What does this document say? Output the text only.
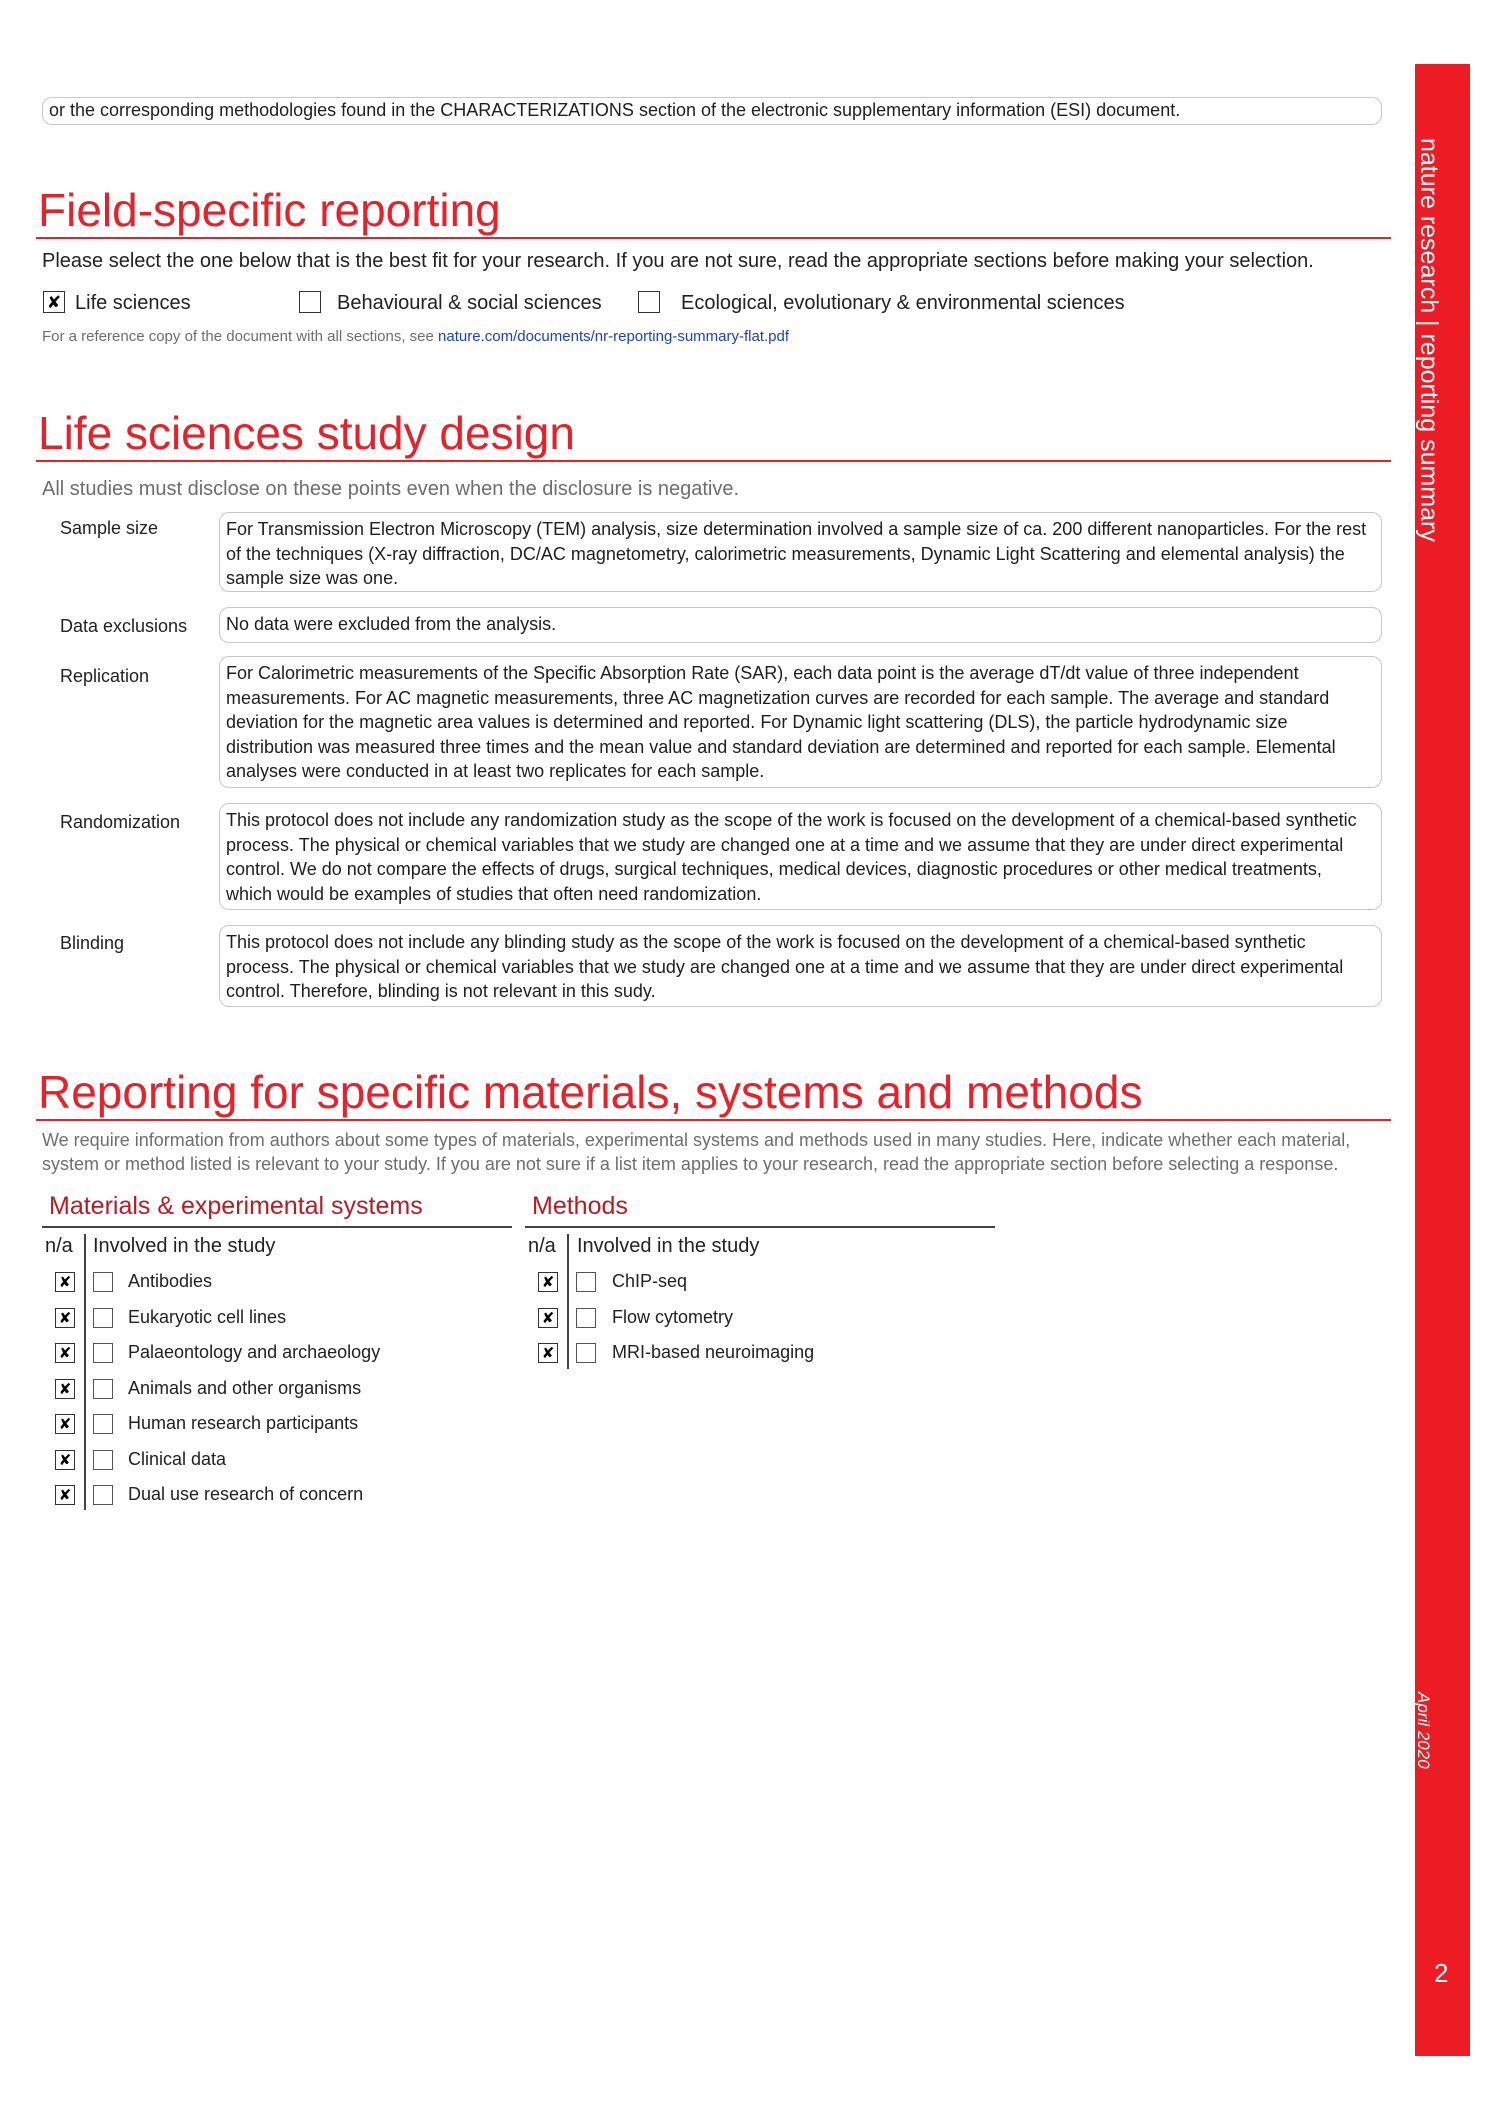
or the corresponding methodologies found in the CHARACTERIZATIONS section of the electronic supplementary information (ESI) document.
Field-specific reporting
Please select the one below that is the best fit for your research. If you are not sure, read the appropriate sections before making your selection.
✘ Life sciences	Behavioural & social sciences	Ecological, evolutionary & environmental sciences
For a reference copy of the document with all sections, see nature.com/documents/nr-reporting-summary-flat.pdf
Life sciences study design
All studies must disclose on these points even when the disclosure is negative.
Sample size	For Transmission Electron Microscopy (TEM) analysis, size determination involved a sample size of ca. 200 different nanoparticles. For the rest
of the techniques (X-ray diffraction, DC/AC magnetometry, calorimetric measurements, Dynamic Light Scattering and elemental analysis) the
sample size was one.
Data exclusions No data were excluded from the analysis.
Replication	For Calorimetric measurements of the Specific Absorption Rate (SAR), each data point is the average dT/dt value of three independent
measurements. For AC magnetic measurements, three AC magnetization curves are recorded for each sample. The average and standard
deviation for the magnetic area values is determined and reported. For Dynamic light scattering (DLS), the particle hydrodynamic size
distribution was measured three times and the mean value and standard deviation are determined and reported for each sample. Elemental
analyses were conducted in at least two replicates for each sample.
Randomization	This protocol does not include any randomization study as the scope of the work is focused on the development of a chemical-based synthetic
process. The physical or chemical variables that we study are changed one at a time and we assume that they are under direct experimental
control. We do not compare the effects of drugs, surgical techniques, medical devices, diagnostic procedures or other medical treatments,
which would be examples of studies that often need randomization.
Blinding	This protocol does not include any blinding study as the scope of the work is focused on the development of a chemical-based synthetic
process. The physical or chemical variables that we study are changed one at a time and we assume that they are under direct experimental
control. Therefore, blinding is not relevant in this sudy.
Reporting for specific materials, systems and methods
We require information from authors about some types of materials, experimental systems and methods used in many studies. Here, indicate whether each material,
system or method listed is relevant to your study. If you are not sure if a list item applies to your research, read the appropriate section before selecting a response.
Materials & experimental systems
n/a Involved in the study
✘	Antibodies
✘	Eukaryotic cell lines
✘	Palaeontology and archaeology
✘	Animals and other organisms
✘	Human research participants
✘	Clinical data
✘	Dual use research of concern
Methods
n/a Involved in the study
✘	ChIP-seq
✘	Flow cytometry
✘	MRI-based neuroimaging
nature research | reporting summary
April 2020
2
